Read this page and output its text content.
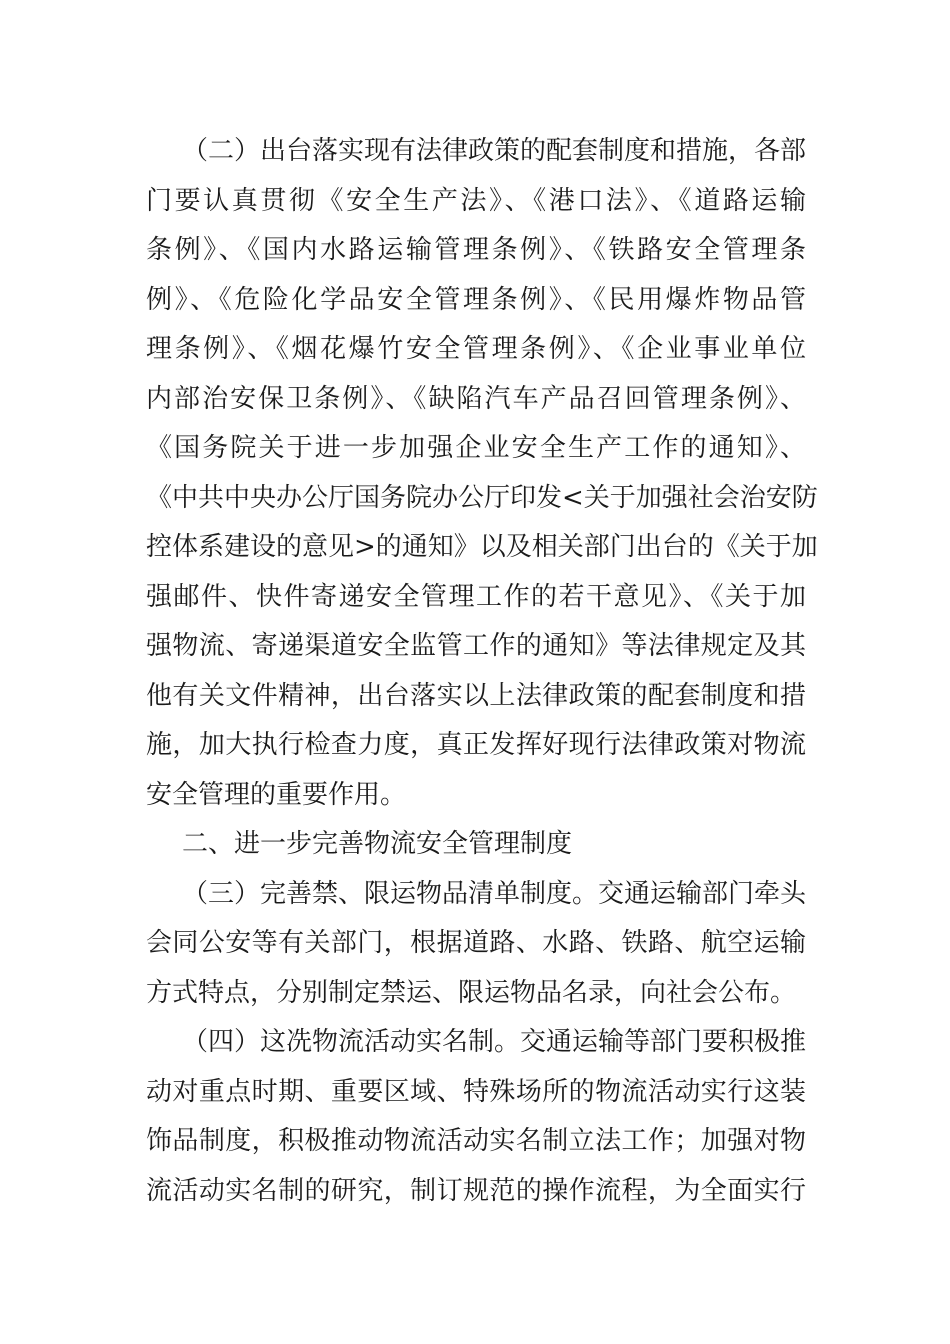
（二）出台落实现有法律政策的配套制度和措施，各部
门要认真贯彻《安全生产法》、《港口法》、《道路运输
条例》、《国内水路运输管理条例》、《铁路安全管理条
例》、《危险化学品安全管理条例》、《民用爆炸物品管
理条例》、《烟花爆竹安全管理条例》、《企业事业单位
内部治安保卫条例》、《缺陷汽车产品召回管理条例》、
《国务院关于进一步加强企业安全生产工作的通知》、
《中共中央办公厅国务院办公厅印发<关于加强社会治安防
控体系建设的意见>的通知》以及相关部门出台的《关于加
强邮件、快件寄递安全管理工作的若干意见》、《关于加
强物流、寄递渠道安全监管工作的通知》等法律规定及其
他有关文件精神，出台落实以上法律政策的配套制度和措
施，加大执行检查力度，真正发挥好现行法律政策对物流
安全管理的重要作用。
二、进一步完善物流安全管理制度
（三）完善禁、限运物品清单制度。交通运输部门牵头
会同公安等有关部门，根据道路、水路、铁路、航空运输
方式特点，分别制定禁运、限运物品名录，向社会公布。
（四）这冼物流活动实名制。交通运输等部门要积极推
动对重点时期、重要区域、特殊场所的物流活动实行这装
饰品制度，积极推动物流活动实名制立法工作；加强对物
流活动实名制的研究，制订规范的操作流程，为全面实行
